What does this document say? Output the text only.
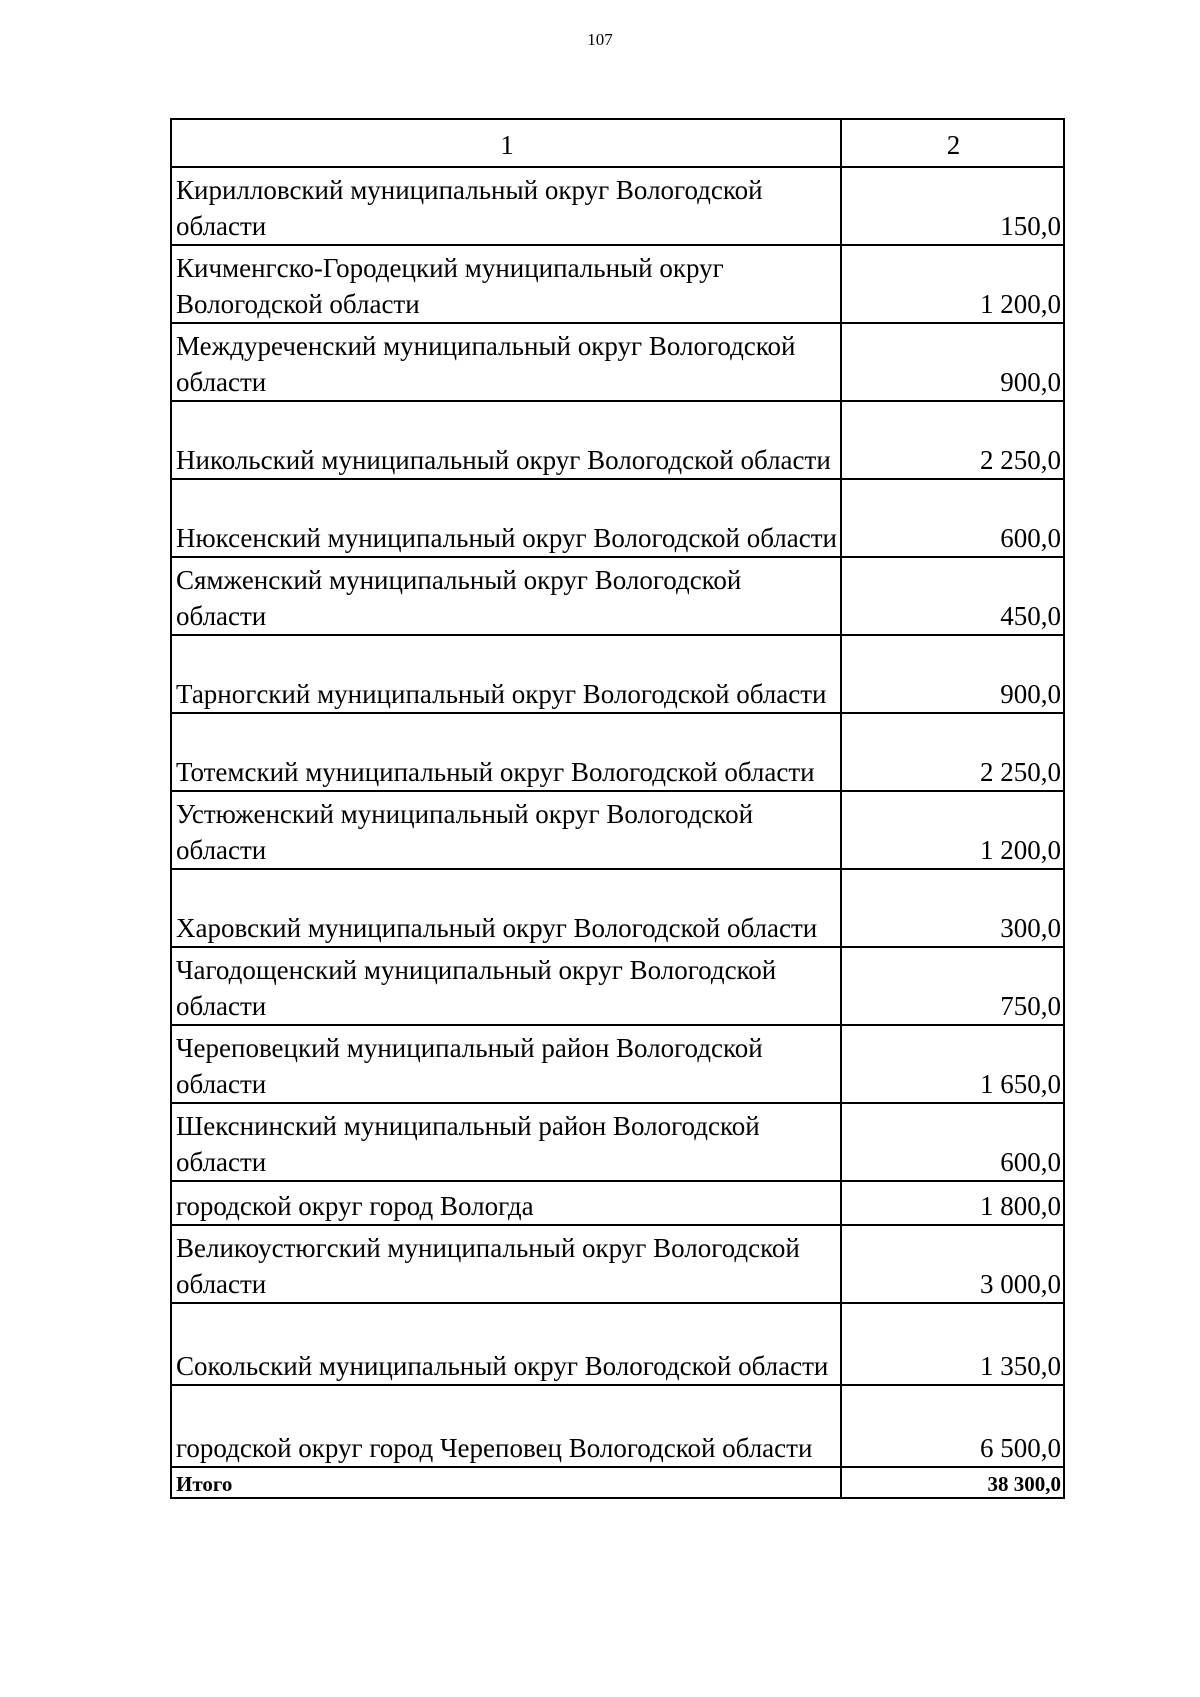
107
1	2
Кирилловский муниципальный округ Вологодской области	150,0
Кичменгско-Городецкий муниципальный округ Вологодской области	1 200,0
Междуреченский муниципальный округ Вологодской области	900,0
Никольский муниципальный округ Вологодской области	2 250,0
Нюксенский муниципальный округ Вологодской области	600,0
Сямженский муниципальный округ Вологодской области	450,0
Тарногский муниципальный округ Вологодской области	900,0
Тотемский муниципальный округ Вологодской области	2 250,0
Устюженский муниципальный округ Вологодской области	1 200,0
Харовский муниципальный округ Вологодской области	300,0
Чагодощенский муниципальный округ Вологодской области	750,0
Череповецкий муниципальный район Вологодской области	1 650,0
Шекснинский муниципальный район Вологодской области	600,0
городской округ город Вологда	1 800,0
Великоустюгский муниципальный округ Вологодской области	3 000,0
Сокольский муниципальный округ Вологодской области	1 350,0
городской округ город Череповец Вологодской области	6 500,0
Итого	38 300,0
